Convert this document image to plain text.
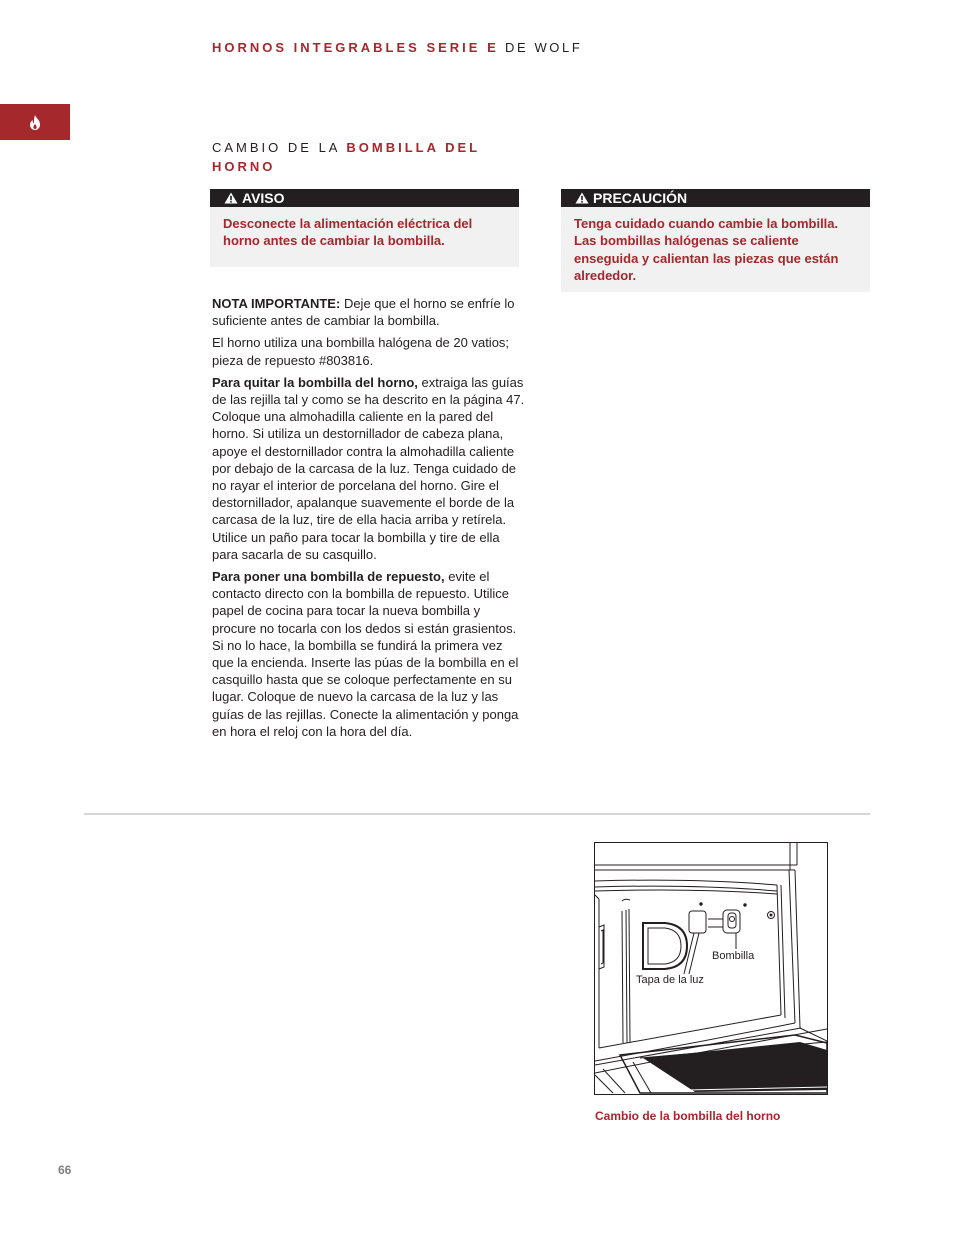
HORNOS INTEGRABLES SERIE E DE WOLF
CAMBIO DE LA BOMBILLA DEL HORNO
AVISO
Desconecte la alimentación eléctrica del horno antes de cambiar la bombilla.
PRECAUCIÓN
Tenga cuidado cuando cambie la bombilla. Las bombillas halógenas se caliente enseguida y calientan las piezas que están alrededor.

NOTA IMPORTANTE: Deje que el horno se enfríe lo suficiente antes de cambiar la bombilla.

El horno utiliza una bombilla halógena de 20 vatios; pieza de repuesto #803816.

Para quitar la bombilla del horno, extraiga las guías de las rejilla tal y como se ha descrito en la página 47. Coloque una almohadilla caliente en la pared del horno. Si utiliza un destornillador de cabeza plana, apoye el destornillador contra la almohadilla caliente por debajo de la carcasa de la luz. Tenga cuidado de no rayar el interior de porcelana del horno. Gire el destornillador, apalanque suavemente el borde de la carcasa de la luz, tire de ella hacia arriba y retírela. Utilice un paño para tocar la bombilla y tire de ella para sacarla de su casquillo.

Para poner una bombilla de repuesto, evite el contacto directo con la bombilla de repuesto. Utilice papel de cocina para tocar la nueva bombilla y procure no tocarla con los dedos si están grasientos. Si no lo hace, la bombilla se fundirá la primera vez que la encienda. Inserte las púas de la bombilla en el casquillo hasta que se coloque perfectamente en su lugar. Coloque de nuevo la carcasa de la luz y las guías de las rejillas. Conecte la alimentación y ponga en hora el reloj con la hora del día.

Bombilla
Tapa de la luz
Cambio de la bombilla del horno
66
